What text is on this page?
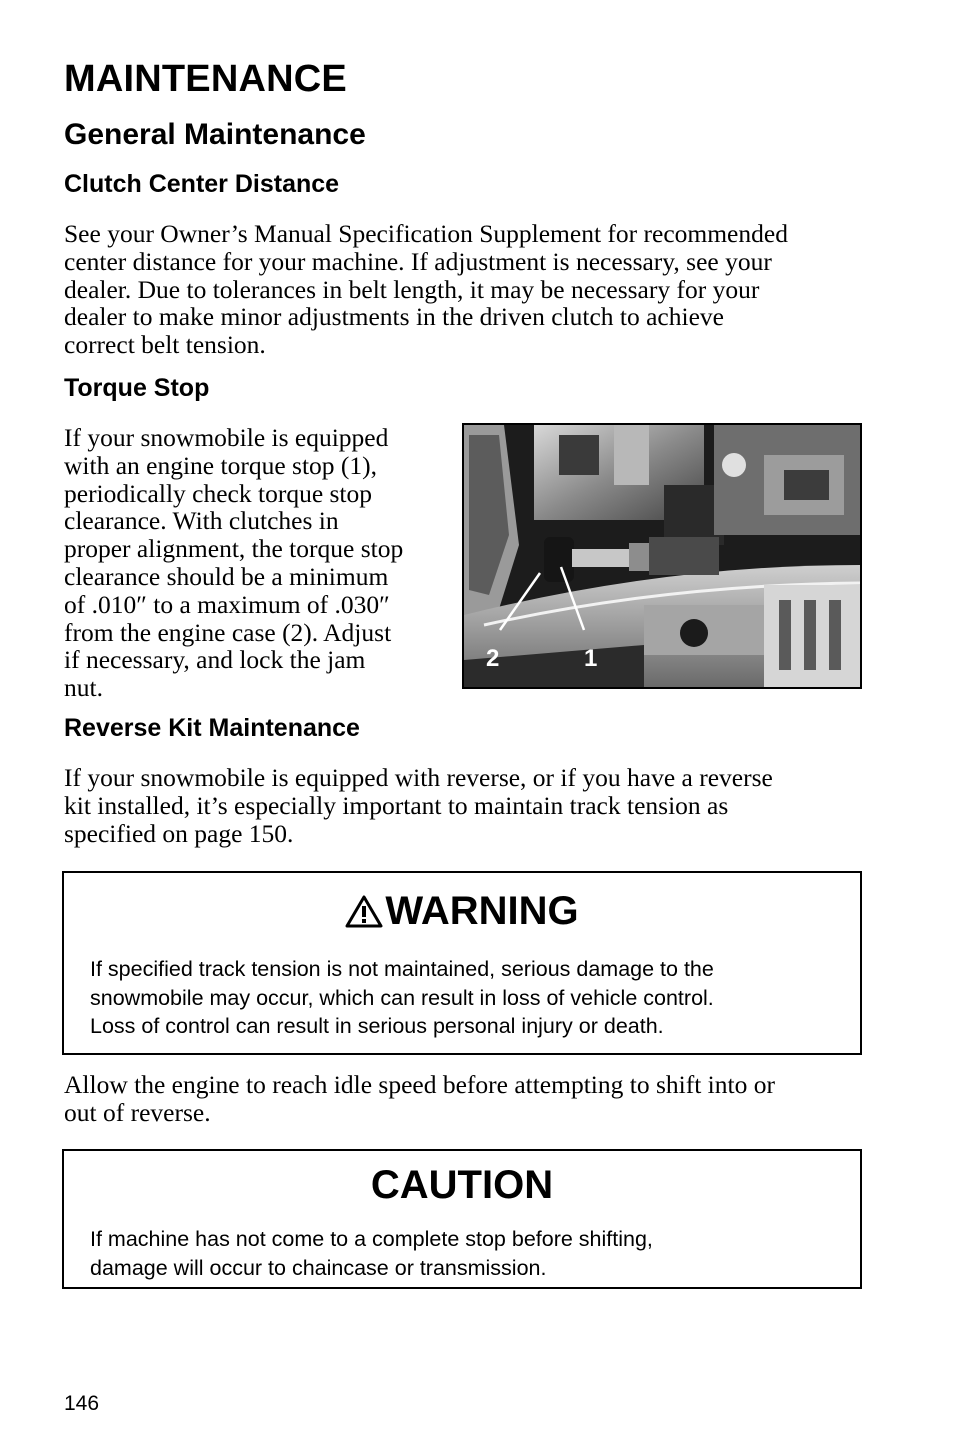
MAINTENANCE
General Maintenance
Clutch Center Distance

See your Owner’s Manual Specification Supplement for recommended
center distance for your machine. If adjustment is necessary, see your
dealer. Due to tolerances in belt length, it may be necessary for your
dealer to make minor adjustments in the driven clutch to achieve
correct belt tension.

Torque Stop

If your snowmobile is equipped
with an engine torque stop (1),
periodically check torque stop
clearance. With clutches in
proper alignment, the torque stop
clearance should be a minimum
of .010″ to a maximum of .030″
from the engine case (2). Adjust
if necessary, and lock the jam
nut.

2	1
Reverse Kit Maintenance

If your snowmobile is equipped with reverse, or if you have a reverse
kit installed, it’s especially important to maintain track tension as
specified on page 150.

WARNING

If specified track tension is not maintained, serious damage to the
snowmobile may occur, which can result in loss of vehicle control.
Loss of control can result in serious personal injury or death.

Allow the engine to reach idle speed before attempting to shift into or
out of reverse.

CAUTION

If machine has not come to a complete stop before shifting,
damage will occur to chaincase or transmission.

146
